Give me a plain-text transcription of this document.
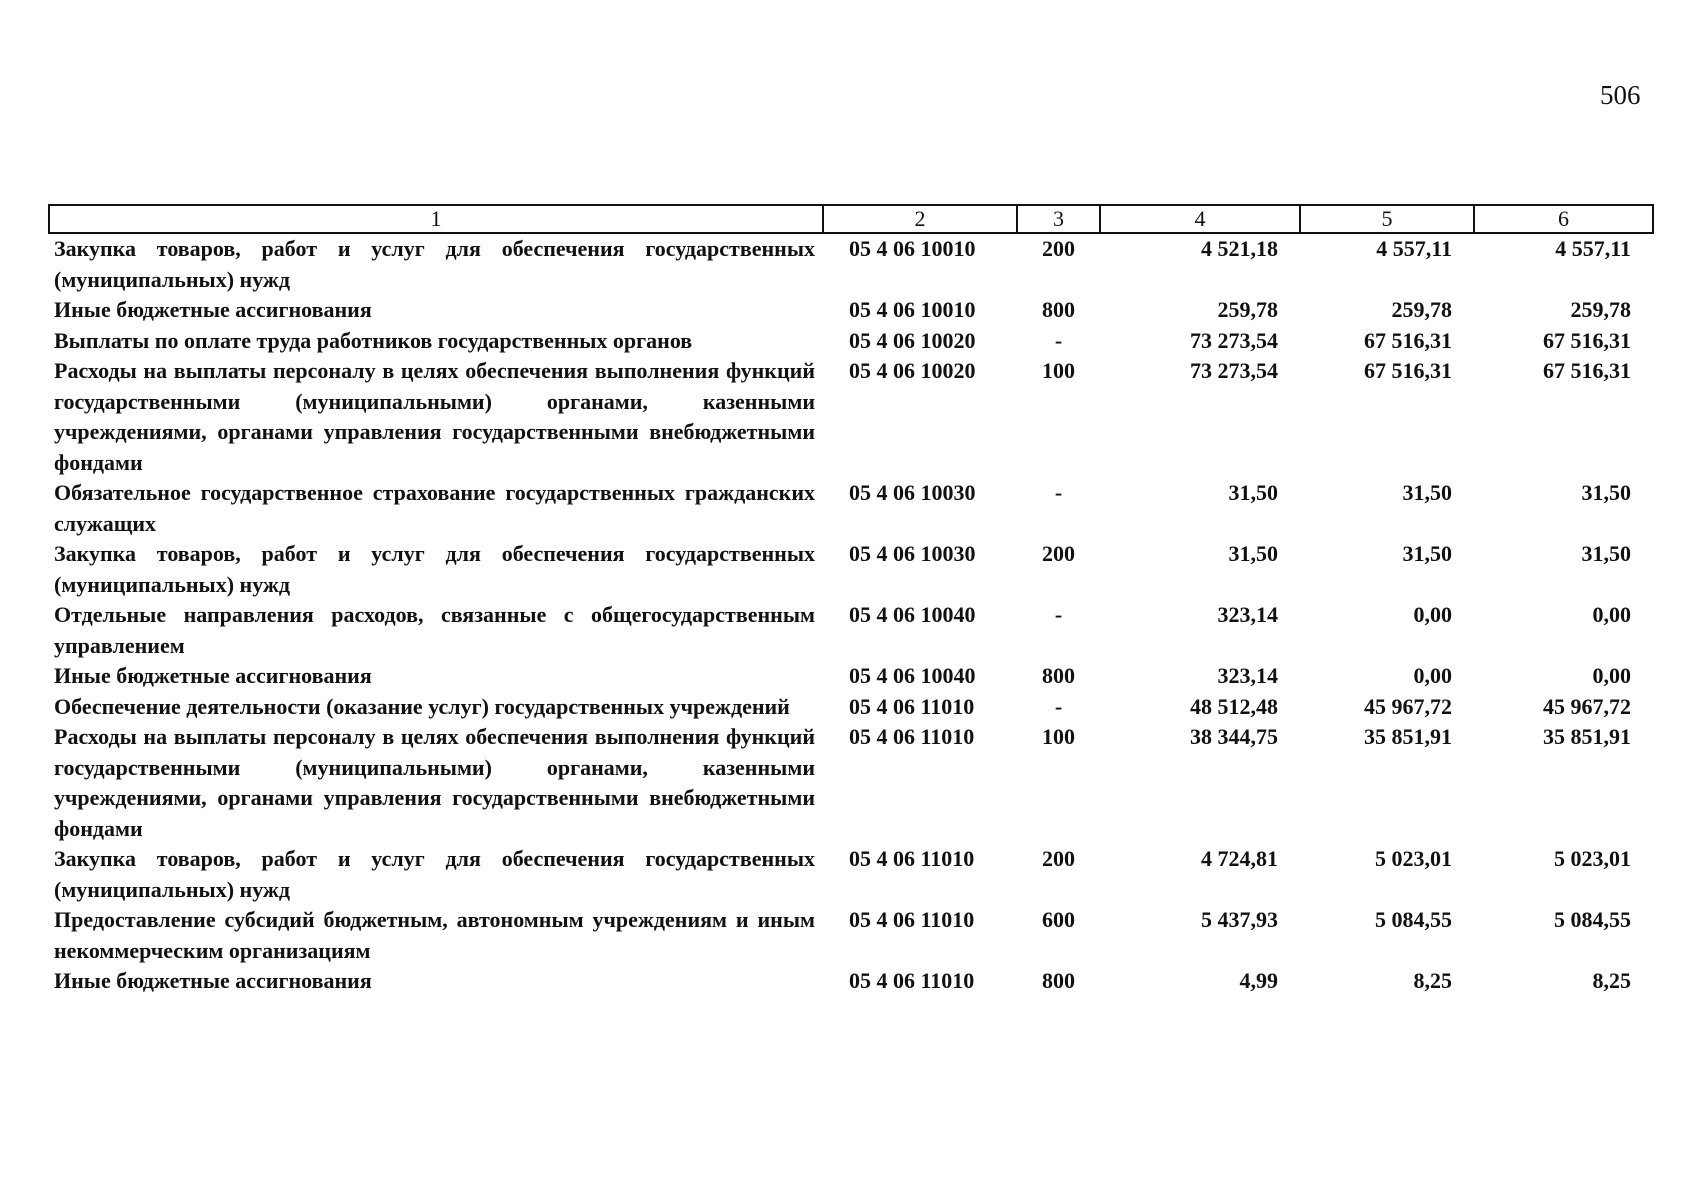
506
1	2	3	4	5	6
Закупка товаров, работ и услуг для обеспечения государственных (муниципальных) нужд	05 4 06 10010	200	4 521,18	4 557,11	4 557,11
Иные бюджетные ассигнования	05 4 06 10010	800	259,78	259,78	259,78
Выплаты по оплате труда работников государственных органов	05 4 06 10020	-	73 273,54	67 516,31	67 516,31
Расходы на выплаты персоналу в целях обеспечения выполнения функций государственными (муниципальными) органами, казенными учреждениями, органами управления государственными внебюджетными фондами	05 4 06 10020	100	73 273,54	67 516,31	67 516,31
Обязательное государственное страхование государственных гражданских служащих	05 4 06 10030	-	31,50	31,50	31,50
Закупка товаров, работ и услуг для обеспечения государственных (муниципальных) нужд	05 4 06 10030	200	31,50	31,50	31,50
Отдельные направления расходов, связанные с общегосударственным управлением	05 4 06 10040	-	323,14	0,00	0,00
Иные бюджетные ассигнования	05 4 06 10040	800	323,14	0,00	0,00
Обеспечение деятельности (оказание услуг) государственных учреждений	05 4 06 11010	-	48 512,48	45 967,72	45 967,72
Расходы на выплаты персоналу в целях обеспечения выполнения функций государственными (муниципальными) органами, казенными учреждениями, органами управления государственными внебюджетными фондами	05 4 06 11010	100	38 344,75	35 851,91	35 851,91
Закупка товаров, работ и услуг для обеспечения государственных (муниципальных) нужд	05 4 06 11010	200	4 724,81	5 023,01	5 023,01
Предоставление субсидий бюджетным, автономным учреждениям и иным некоммерческим организациям	05 4 06 11010	600	5 437,93	5 084,55	5 084,55
Иные бюджетные ассигнования	05 4 06 11010	800	4,99	8,25	8,25
